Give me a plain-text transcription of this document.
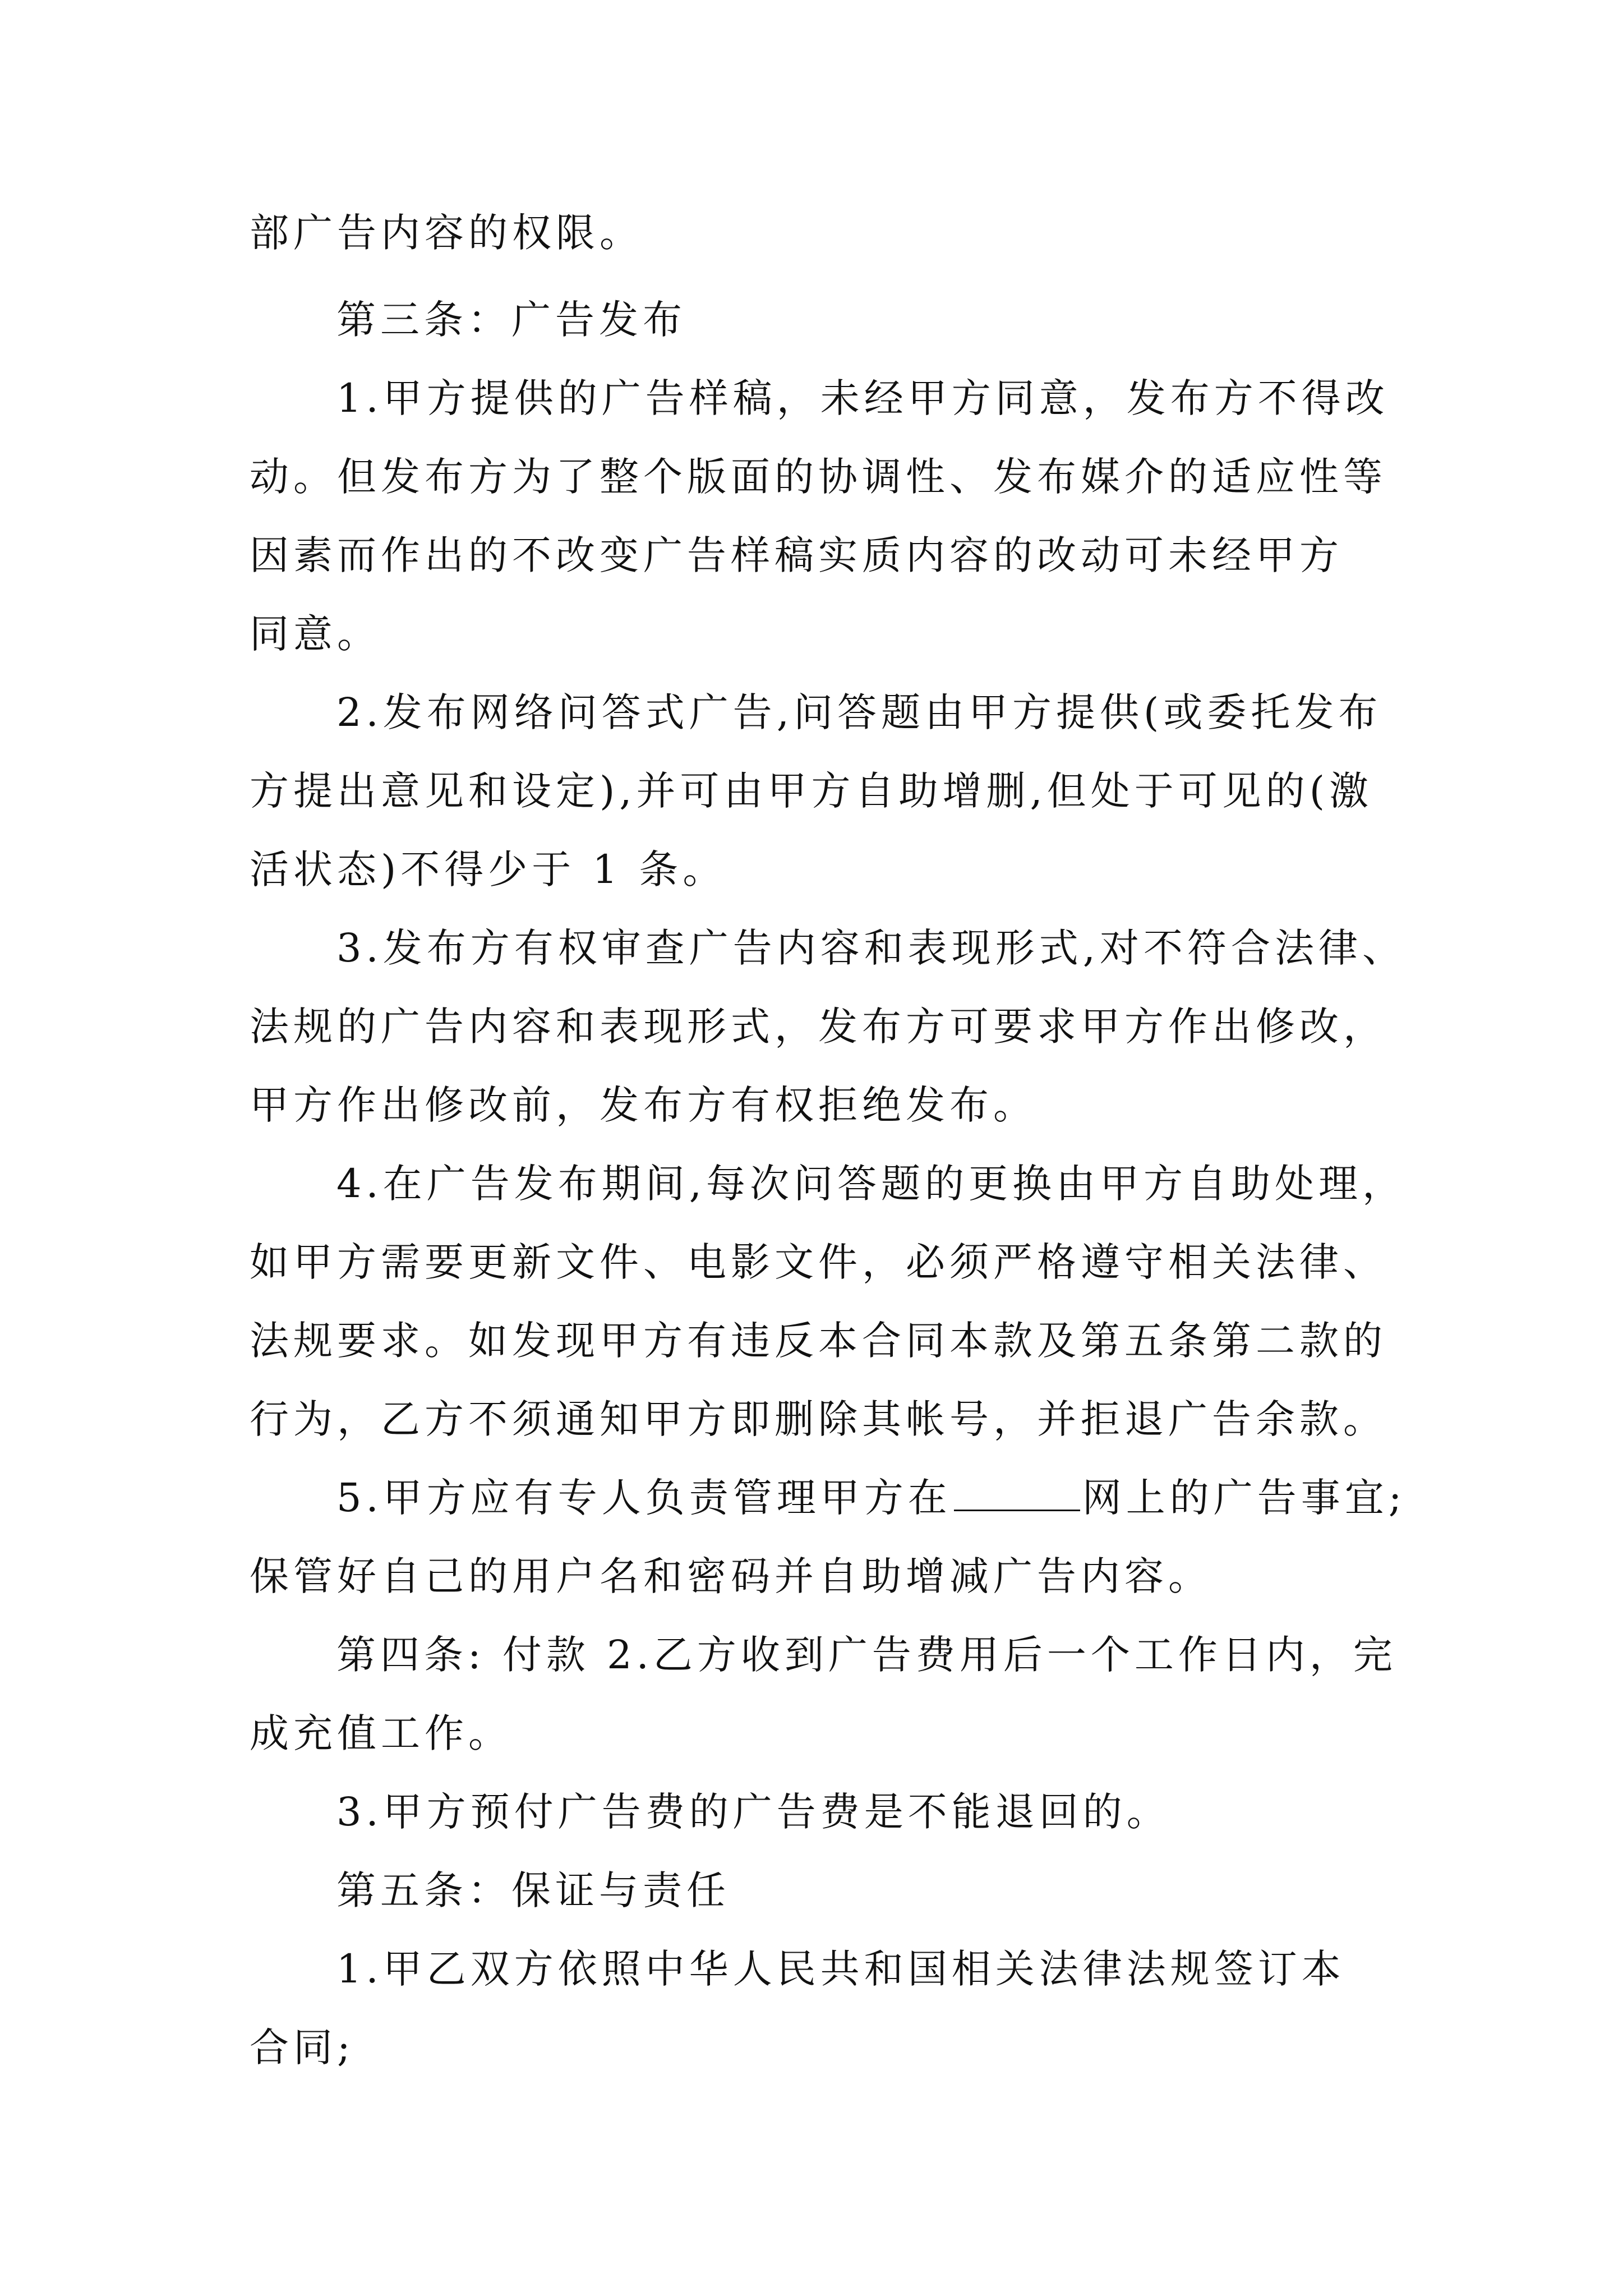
部广告内容的权限。
第三条：广告发布
1.甲方提供的广告样稿，未经甲方同意，发布方不得改
动。但发布方为了整个版面的协调性、发布媒介的适应性等
因素而作出的不改变广告样稿实质内容的改动可未经甲方
同意。
2.发布网络问答式广告,问答题由甲方提供(或委托发布
方提出意见和设定),并可由甲方自助增删,但处于可见的(激
活状态)不得少于 1 条。
3.发布方有权审查广告内容和表现形式,对不符合法律、
法规的广告内容和表现形式，发布方可要求甲方作出修改，
甲方作出修改前，发布方有权拒绝发布。
4.在广告发布期间,每次问答题的更换由甲方自助处理，
如甲方需要更新文件、电影文件，必须严格遵守相关法律、
法规要求。如发现甲方有违反本合同本款及第五条第二款的
行为，乙方不须通知甲方即删除其帐号，并拒退广告余款。
5.甲方应有专人负责管理甲方在	网上的广告事宜;
保管好自己的用户名和密码并自助增减广告内容。
第四条: 付款 2.乙方收到广告费用后一个工作日内，完
成充值工作。
3.甲方预付广告费的广告费是不能退回的。
第五条：保证与责任
1.甲乙双方依照中华人民共和国相关法律法规签订本
合同;
